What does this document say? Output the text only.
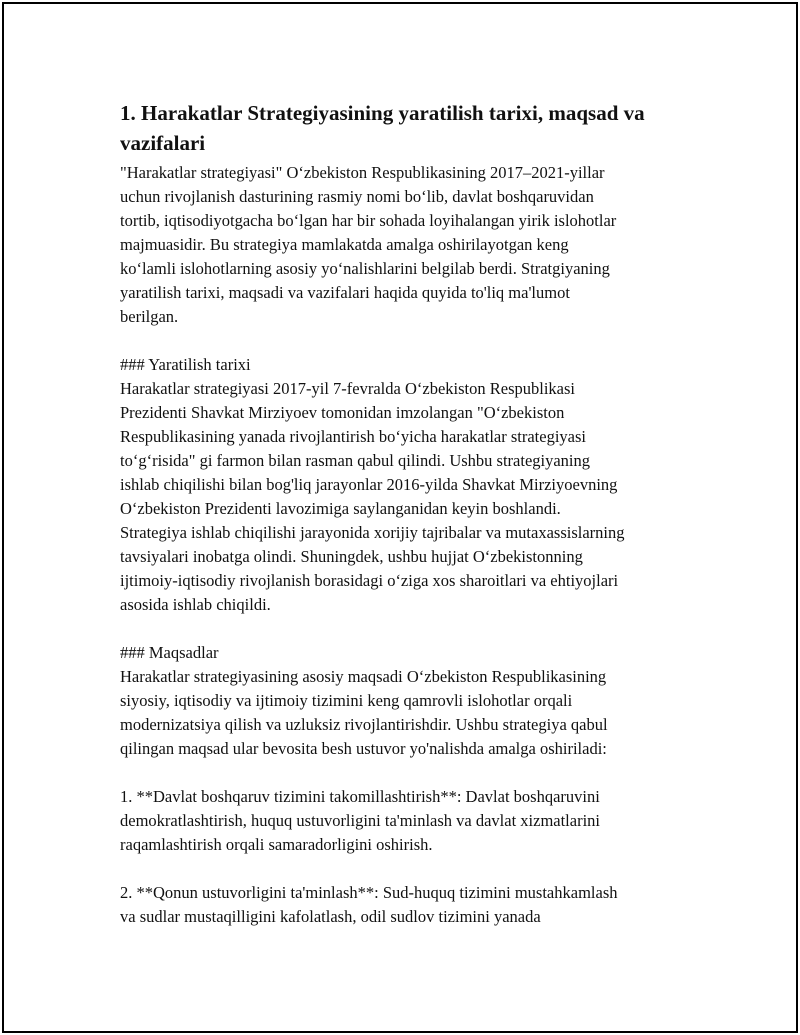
1. Harakatlar Strategiyasining yaratilish tarixi, maqsad va vazifalari

"Harakatlar strategiyasi" O‘zbekiston Respublikasining 2017–2021-yillar
uchun rivojlanish dasturining rasmiy nomi bo‘lib, davlat boshqaruvidan
tortib, iqtisodiyotgacha bo‘lgan har bir sohada loyihalangan yirik islohotlar
majmuasidir. Bu strategiya mamlakatda amalga oshirilayotgan keng
ko‘lamli islohotlarning asosiy yo‘nalishlarini belgilab berdi. Stratgiyaning
yaratilish tarixi, maqsadi va vazifalari haqida quyida to'liq ma'lumot
berilgan.

### Yaratilish tarixi

Harakatlar strategiyasi 2017-yil 7-fevralda O‘zbekiston Respublikasi
Prezidenti Shavkat Mirziyoev tomonidan imzolangan "O‘zbekiston
Respublikasining yanada rivojlantirish bo‘yicha harakatlar strategiyasi
to‘g‘risida" gi farmon bilan rasman qabul qilindi. Ushbu strategiyaning
ishlab chiqilishi bilan bog'liq jarayonlar 2016-yilda Shavkat Mirziyoevning
O‘zbekiston Prezidenti lavozimiga saylanganidan keyin boshlandi.
Strategiya ishlab chiqilishi jarayonida xorijiy tajribalar va mutaxassislarning
tavsiyalari inobatga olindi. Shuningdek, ushbu hujjat O‘zbekistonning
ijtimoiy-iqtisodiy rivojlanish borasidagi o‘ziga xos sharoitlari va ehtiyojlari
asosida ishlab chiqildi.

### Maqsadlar

Harakatlar strategiyasining asosiy maqsadi O‘zbekiston Respublikasining
siyosiy, iqtisodiy va ijtimoiy tizimini keng qamrovli islohotlar orqali
modernizatsiya qilish va uzluksiz rivojlantirishdir. Ushbu strategiya qabul
qilingan maqsad ular bevosita besh ustuvor yo'nalishda amalga oshiriladi:

1. **Davlat boshqaruv tizimini takomillashtirish**: Davlat boshqaruvini
demokratlashtirish, huquq ustuvorligini ta'minlash va davlat xizmatlarini
raqamlashtirish orqali samaradorligini oshirish.

2. **Qonun ustuvorligini ta'minlash**: Sud-huquq tizimini mustahkamlash
va sudlar mustaqilligini kafolatlash, odil sudlov tizimini yanada
